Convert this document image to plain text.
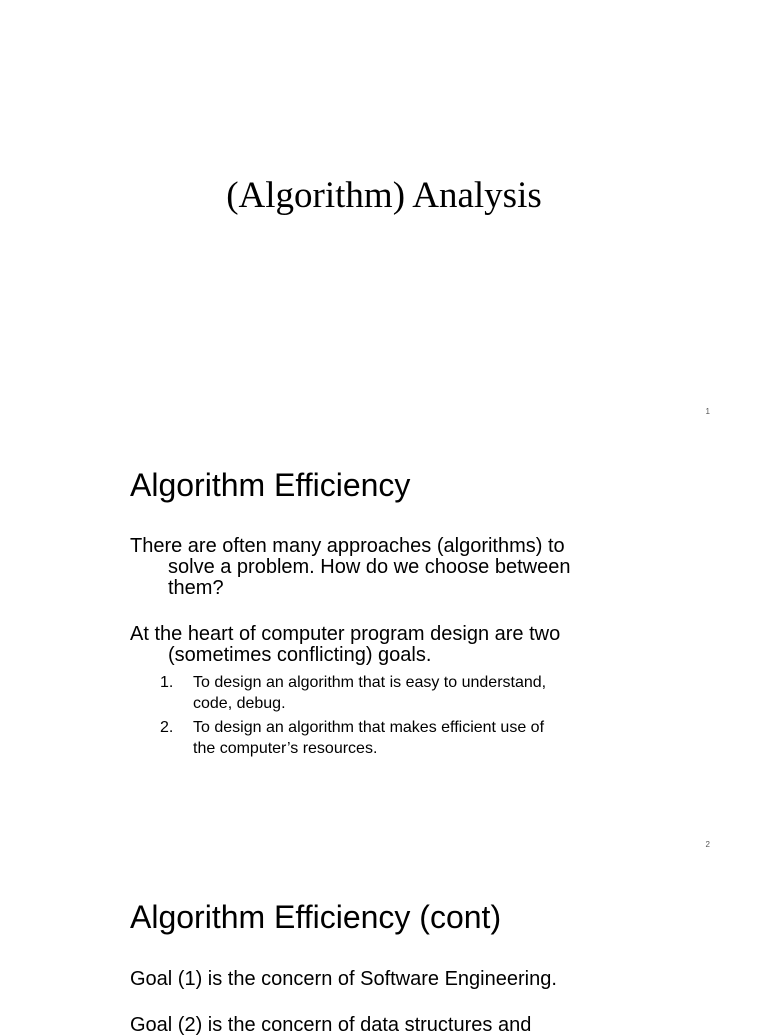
(Algorithm) Analysis
1
Algorithm Efficiency
There are often many approaches (algorithms) to
solve a problem. How do we choose between
them?
At the heart of computer program design are two
(sometimes conflicting) goals.
1. To design an algorithm that is easy to understand,
code, debug.
2. To design an algorithm that makes efficient use of
the computer’s resources.
2
Algorithm Efficiency (cont)
Goal (1) is the concern of Software Engineering.
Goal (2) is the concern of data structures and
